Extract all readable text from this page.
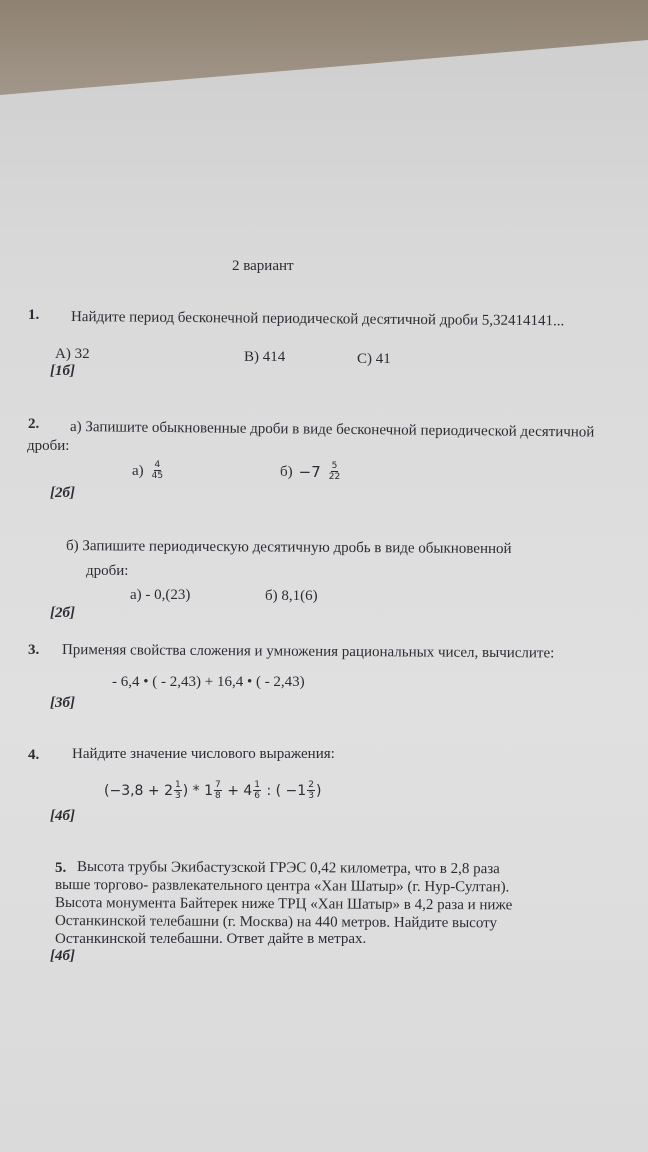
2 вариант
1. Найдите период бесконечной периодической десятичной дроби 5,32414141...
A) 32	B) 414	C) 41
[1б]
2. а) Запишите обыкновенные дроби в виде бесконечной периодической десятичной
дроби:
$а) \frac{4}{45}$	$б) -7 \frac{5}{22}$
[2б]
б) Запишите периодическую десятичную дробь в виде обыкновенной
дроби:
а) - 0,(23)	б) 8,1(6)
[2б]
3. Применяя свойства сложения и умножения рациональных чисел, вычислите:
- 6,4 • ( - 2,43) + 16,4 • ( - 2,43)
[3б]
4. Найдите значение числового выражения:
($-3,8 + 2 \frac{1}{3}$ ) * $1 \frac{7}{8} + 4 \frac{1}{6}$ : ( $-1 \frac{2}{3}$ )
[4б]
5. Высота трубы Экибастузской ГРЭС 0,42 километра, что в 2,8 раза
выше торгово- развлекательного центра «Хан Шатыр» (г. Нур-Султан).
Высота монумента Байтерек ниже ТРЦ «Хан Шатыр» в 4,2 раза и ниже
Останкинской телебашни (г. Москва) на 440 метров. Найдите высоту
Останкинской телебашни. Ответ дайте в метрах.
[4б]
